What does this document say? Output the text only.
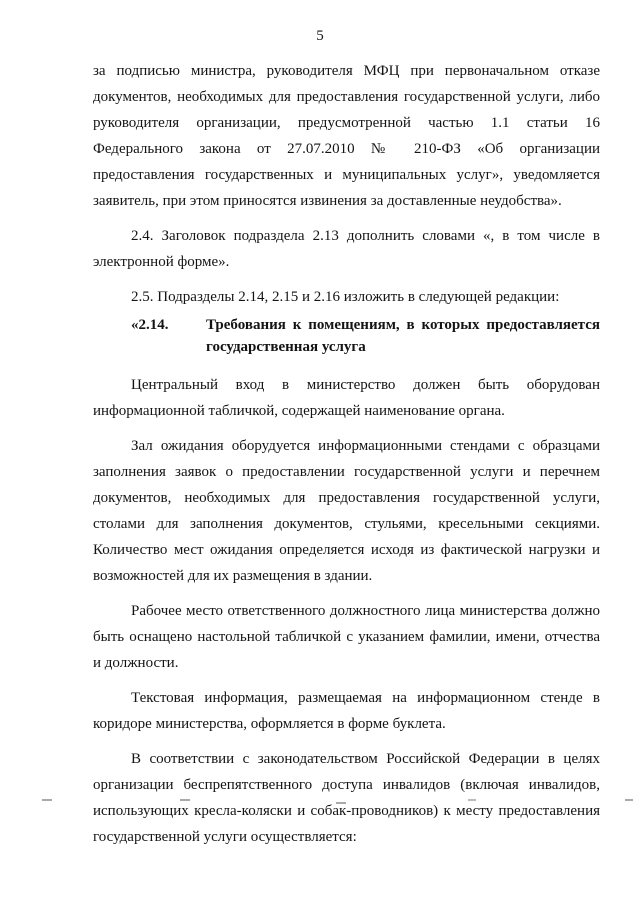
5

за подписью министра, руководителя МФЦ при первоначальном отказе документов, необходимых для предоставления государственной услуги, либо руководителя организации, предусмотренной частью 1.1 статьи 16 Федерального закона от 27.07.2010 № 210-ФЗ «Об организации предоставления государственных и муниципальных услуг», уведомляется заявитель, при этом приносятся извинения за доставленные неудобства».

2.4. Заголовок подраздела 2.13 дополнить словами «, в том числе в электронной форме».

2.5. Подразделы 2.14, 2.15 и 2.16 изложить в следующей редакции:

«2.14.	Требования к помещениям, в которых предоставляется государственная услуга

Центральный вход в министерство должен быть оборудован информационной табличкой, содержащей наименование органа.

Зал ожидания оборудуется информационными стендами с образцами заполнения заявок о предоставлении государственной услуги и перечнем документов, необходимых для предоставления государственной услуги, столами для заполнения документов, стульями, кресельными секциями. Количество мест ожидания определяется исходя из фактической нагрузки и возможностей для их размещения в здании.

Рабочее место ответственного должностного лица министерства должно быть оснащено настольной табличкой с указанием фамилии, имени, отчества и должности.

Текстовая информация, размещаемая на информационном стенде в коридоре министерства, оформляется в форме буклета.

В соответствии с законодательством Российской Федерации в целях организации беспрепятственного доступа инвалидов (включая инвалидов, использующих кресла-коляски и собак-проводников) к месту предоставления государственной услуги осуществляется:
